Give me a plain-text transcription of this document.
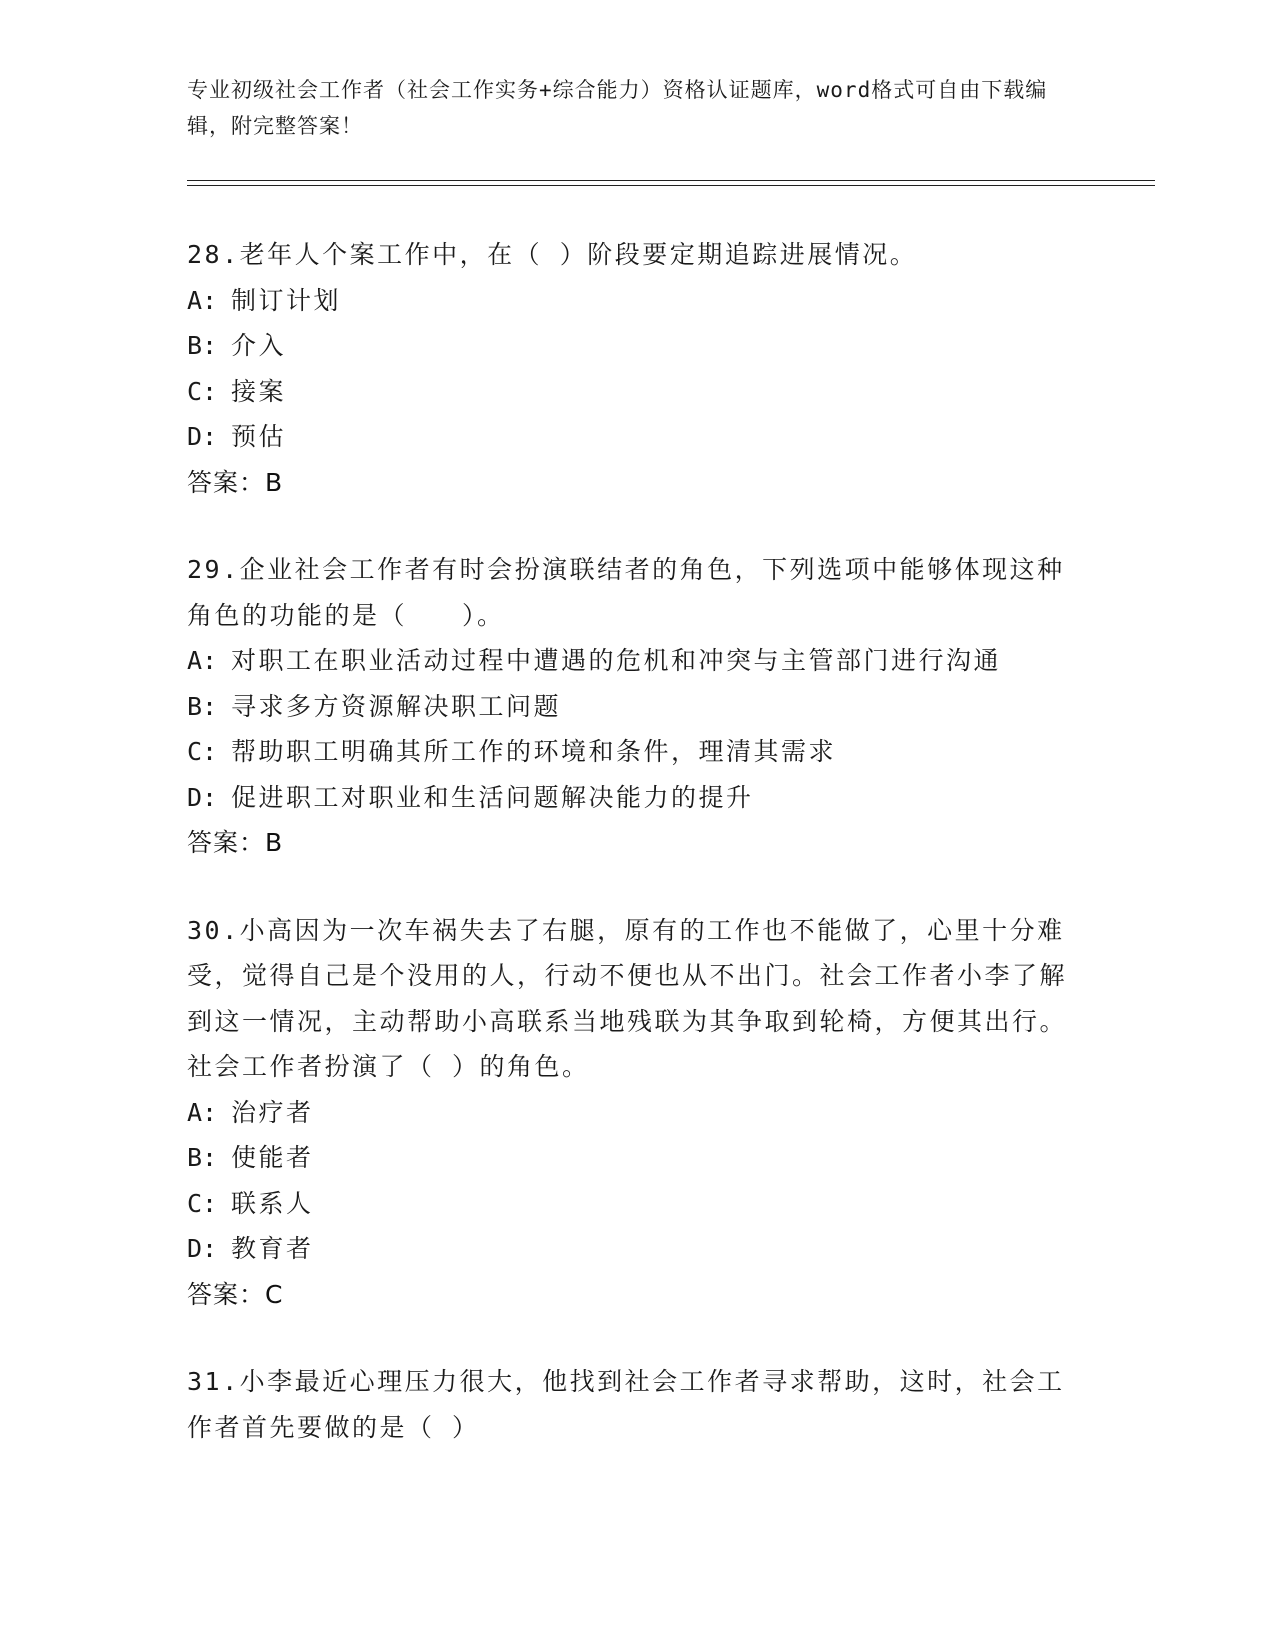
专业初级社会工作者（社会工作实务+综合能力）资格认证题库，word格式可自由下载编辑，附完整答案！

28.老年人个案工作中，在（ ）阶段要定期追踪进展情况。

A: 制订计划

B: 介入

C: 接案

D: 预估

答案：B

29.企业社会工作者有时会扮演联结者的角色，下列选项中能够体现这种角色的功能的是（　　）。

A: 对职工在职业活动过程中遭遇的危机和冲突与主管部门进行沟通

B: 寻求多方资源解决职工问题

C: 帮助职工明确其所工作的环境和条件，理清其需求

D: 促进职工对职业和生活问题解决能力的提升

答案：B

30.小高因为一次车祸失去了右腿，原有的工作也不能做了，心里十分难受，觉得自己是个没用的人，行动不便也从不出门。社会工作者小李了解到这一情况，主动帮助小高联系当地残联为其争取到轮椅，方便其出行。社会工作者扮演了（ ）的角色。

A: 治疗者

B: 使能者

C: 联系人

D: 教育者

答案：C

31.小李最近心理压力很大，他找到社会工作者寻求帮助，这时，社会工作者首先要做的是（ ）
